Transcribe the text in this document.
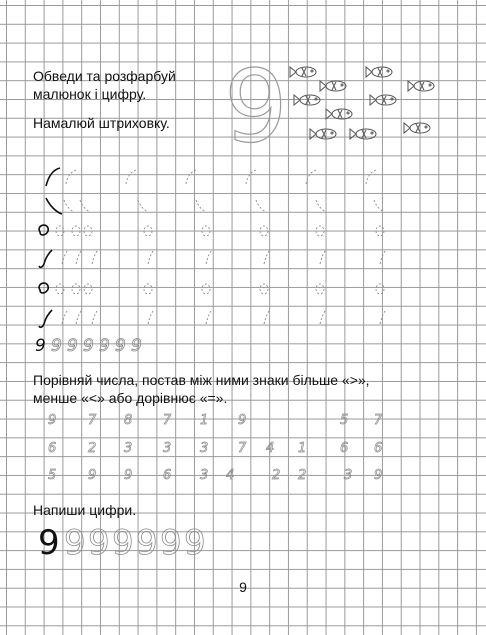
Обведи та розфарбуй

малюнок і цифру.

Намалюй штриховку. 9
9 9 9 9 9 9 9

Порівняй числа, постав між ними знаки більше «>»,

менше «<» або дорівнює «=».

9 7 8 7 1 9	5 7
6 2 3 3 3 7 4 1	6 6
5 9 9 6 3 4	2 2	3 9

Напиши цифри.

9 9 9 9 9 9 9
9
